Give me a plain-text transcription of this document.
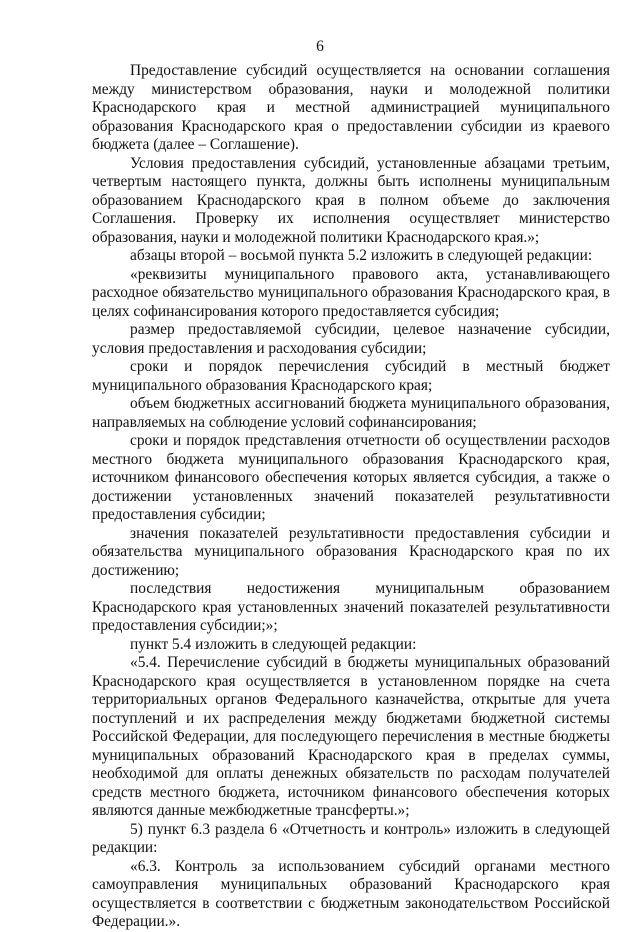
6

Предоставление субсидий осуществляется на основании соглашения между министерством образования, науки и молодежной политики Краснодарского края и местной администрацией муниципального образования Краснодарского края о предоставлении субсидии из краевого бюджета (далее – Соглашение).

Условия предоставления субсидий, установленные абзацами третьим, четвертым настоящего пункта, должны быть исполнены муниципальным образованием Краснодарского края в полном объеме до заключения Соглашения. Проверку их исполнения осуществляет министерство образования, науки и молодежной политики Краснодарского края.»;

абзацы второй – восьмой пункта 5.2 изложить в следующей редакции:

«реквизиты муниципального правового акта, устанавливающего расходное обязательство муниципального образования Краснодарского края, в целях софинансирования которого предоставляется субсидия;

размер предоставляемой субсидии, целевое назначение субсидии, условия предоставления и расходования субсидии;

сроки и порядок перечисления субсидий в местный бюджет муниципального образования Краснодарского края;

объем бюджетных ассигнований бюджета муниципального образования, направляемых на соблюдение условий софинансирования;

сроки и порядок представления отчетности об осуществлении расходов местного бюджета муниципального образования Краснодарского края, источником финансового обеспечения которых является субсидия, а также о достижении установленных значений показателей результативности предоставления субсидии;

значения показателей результативности предоставления субсидии и обязательства муниципального образования Краснодарского края по их достижению;

последствия недостижения муниципальным образованием Краснодарского края установленных значений показателей результативности предоставления субсидии;»;

пункт 5.4 изложить в следующей редакции:

«5.4. Перечисление субсидий в бюджеты муниципальных образований Краснодарского края осуществляется в установленном порядке на счета территориальных органов Федерального казначейства, открытые для учета поступлений и их распределения между бюджетами бюджетной системы Российской Федерации, для последующего перечисления в местные бюджеты муниципальных образований Краснодарского края в пределах суммы, необходимой для оплаты денежных обязательств по расходам получателей средств местного бюджета, источником финансового обеспечения которых являются данные межбюджетные трансферты.»;

5) пункт 6.3 раздела 6 «Отчетность и контроль» изложить в следующей редакции:

«6.3. Контроль за использованием субсидий органами местного самоуправления муниципальных образований Краснодарского края осуществляется в соответствии с бюджетным законодательством Российской Федерации.».
